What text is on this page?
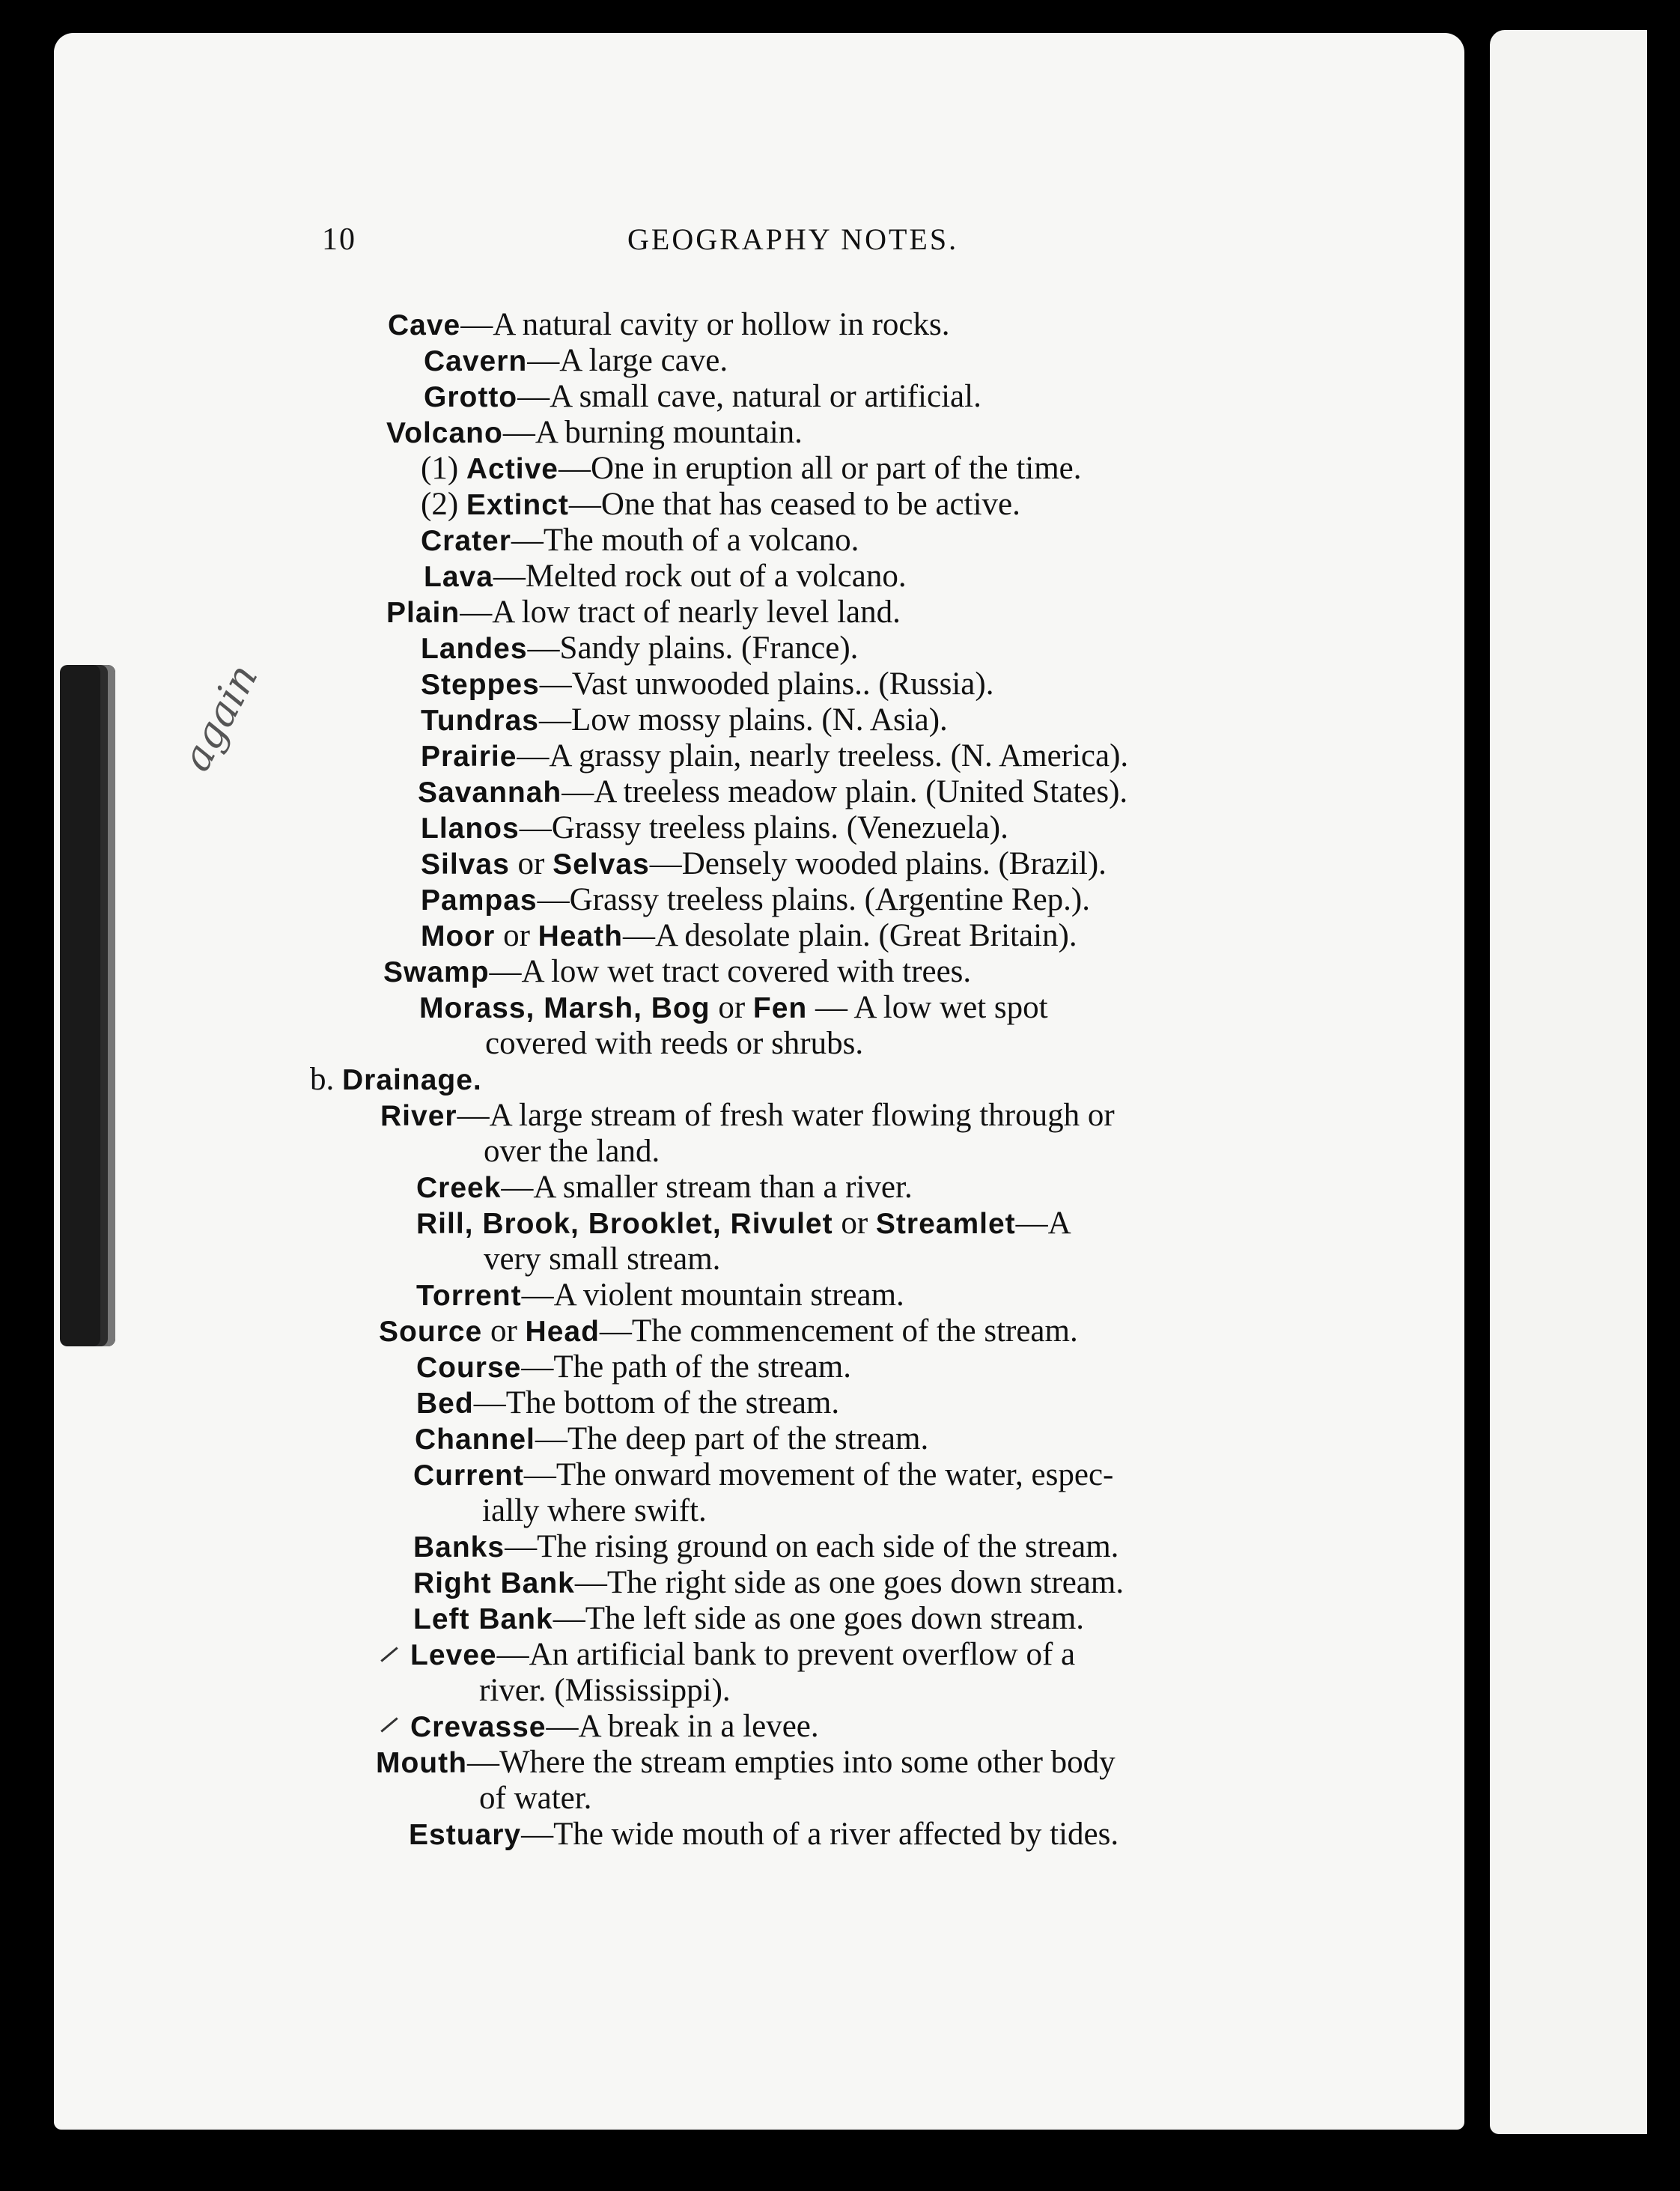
again
10	GEOGRAPHY NOTES.
Cave—A natural cavity or hollow in rocks.
Cavern—A large cave.
Grotto—A small cave, natural or artificial.
Volcano—A burning mountain.
(1) Active—One in eruption all or part of the time.
(2) Extinct—One that has ceased to be active.
Crater—The mouth of a volcano.
Lava—Melted rock out of a volcano.
Plain—A low tract of nearly level land.
Landes—Sandy plains. (France).
Steppes—Vast unwooded plains.. (Russia).
Tundras—Low mossy plains. (N. Asia).
Prairie—A grassy plain, nearly treeless. (N. America).
Savannah—A treeless meadow plain. (United States).
Llanos—Grassy treeless plains. (Venezuela).
Silvas or Selvas—Densely wooded plains. (Brazil).
Pampas—Grassy treeless plains. (Argentine Rep.).
Moor or Heath—A desolate plain. (Great Britain).
Swamp—A low wet tract covered with trees.
Morass, Marsh, Bog or Fen — A low wet spot
covered with reeds or shrubs.
b. Drainage.
River—A large stream of fresh water flowing through or
over the land.
Creek—A smaller stream than a river.
Rill, Brook, Brooklet, Rivulet or Streamlet—A
very small stream.
Torrent—A violent mountain stream.
Source or Head—The commencement of the stream.
Course—The path of the stream.
Bed—The bottom of the stream.
Channel—The deep part of the stream.
Current—The onward movement of the water, espec-
ially where swift.
Banks—The rising ground on each side of the stream.
Right Bank—The right side as one goes down stream.
Left Bank—The left side as one goes down stream.
Levee—An artificial bank to prevent overflow of a
river. (Mississippi).
Crevasse—A break in a levee.
Mouth—Where the stream empties into some other body
of water.
Estuary—The wide mouth of a river affected by tides.
